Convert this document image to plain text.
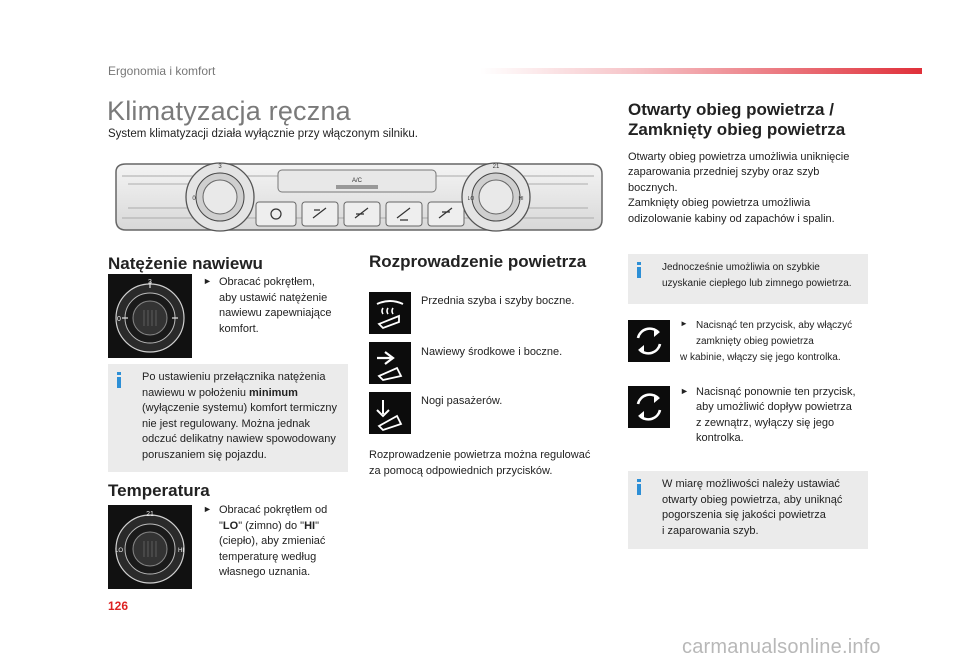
Ergonomia i komfort
Klimatyzacja ręczna
System klimatyzacji działa wyłącznie przy włączonym silniku.
A/C
3
0
21
LO	HI
Natężenie nawiewu
3
0
► Obracać pokrętłem,
aby ustawić natężenie
nawiewu zapewniające
komfort.
Po ustawieniu przełącznika natężenia
nawiewu w położeniu minimum
(wyłączenie systemu) komfort termiczny
nie jest regulowany. Można jednak
odczuć delikatny nawiew spowodowany
poruszaniem się pojazdu.
Temperatura
21
LO	HI
► Obracać pokrętłem od
"LO" (zimno) do "HI"
(ciepło), aby zmieniać
temperaturę według
własnego uznania.
Rozprowadzenie powietrza
Przednia szyba i szyby boczne.
Nawiewy środkowe i boczne.
Nogi pasażerów.
Rozprowadzenie powietrza można regulować
za pomocą odpowiednich przycisków.
Otwarty obieg powietrza /
Zamknięty obieg powietrza
Otwarty obieg powietrza umożliwia uniknięcie
zaparowania przedniej szyby oraz szyb
bocznych.
Zamknięty obieg powietrza umożliwia
odizolowanie kabiny od zapachów i spalin.
Jednocześnie umożliwia on szybkie
uzyskanie ciepłego lub zimnego powietrza.
► Nacisnąć ten przycisk, aby włączyć
zamknięty obieg powietrza
w kabinie, włączy się jego kontrolka.
► Nacisnąć ponownie ten przycisk,
aby umożliwić dopływ powietrza
z zewnątrz, wyłączy się jego
kontrolka.
W miarę możliwości należy ustawiać
otwarty obieg powietrza, aby uniknąć
pogorszenia się jakości powietrza
i zaparowania szyb.
126
carmanualsonline.info
